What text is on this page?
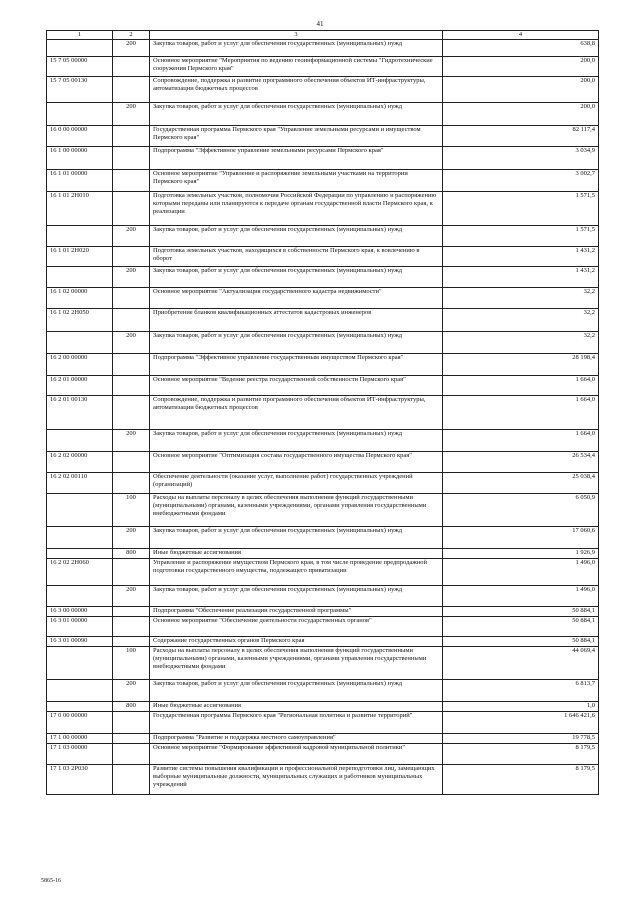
41
1	2	3	4
	200	Закупка товаров, работ и услуг для обеспечения государственных (муниципальных) нужд	638,8
15 7 05 00000		Основное мероприятие "Мероприятия по ведению геоинформационной системы "Гидротехнические сооружения Пермского края"	200,0
15 7 05 00130		Сопровождение, поддержка и развитие программного обеспечения объектов ИТ-инфраструктуры, автоматизации бюджетных процессов	200,0
	200	Закупка товаров, работ и услуг для обеспечения государственных (муниципальных) нужд	200,0
16 0 00 00000		Государственная программа Пермского края "Управление земельными ресурсами и имуществом Пермского края"	82 117,4
16 1 00 00000		Подпрограмма "Эффективное управление земельными ресурсами Пермского края"	3 034,9
16 1 01 00000		Основное мероприятие "Управление и распоряжение земельными участками на территории Пермского края"	3 002,7
16 1 01 2Н010		Подготовка земельных участков, полномочия Российской Федерации по управлению и распоряжению которыми переданы или планируются к передаче органам государственной власти Пермского края, к реализации	1 571,5
	200	Закупка товаров, работ и услуг для обеспечения государственных (муниципальных) нужд	1 571,5
16 1 01 2Н020		Подготовка земельных участков, находящихся в собственности Пермского края, к вовлечению в оборот	1 431,2
	200	Закупка товаров, работ и услуг для обеспечения государственных (муниципальных) нужд	1 431,2
16 1 02 00000		Основное мероприятие "Актуализация государственного кадастра недвижимости"	32,2
16 1 02 2Н050		Приобретение бланков квалификационных аттестатов кадастровых инженеров	32,2
	200	Закупка товаров, работ и услуг для обеспечения государственных (муниципальных) нужд	32,2
16 2 00 00000		Подпрограмма "Эффективное управление государственным имуществом Пермского края"	28 198,4
16 2 01 00000		Основное мероприятие "Ведение реестра государственной собственности Пермского края"	1 664,0
16 2 01 00130		Сопровождение, поддержка и развитие программного обеспечения объектов ИТ-инфраструктуры, автоматизации бюджетных процессов	1 664,0
	200	Закупка товаров, работ и услуг для обеспечения государственных (муниципальных) нужд	1 664,0
16 2 02 00000		Основное мероприятие "Оптимизация состава государственного имущества Пермского края"	26 534,4
16 2 02 00110		Обеспечение деятельности (оказание услуг, выполнение работ) государственных учреждений (организаций)	25 038,4
	100	Расходы на выплаты персоналу в целях обеспечения выполнения функций государственными (муниципальными) органами, казенными учреждениями, органами управления государственными внебюджетными фондами	6 050,9
	200	Закупка товаров, работ и услуг для обеспечения государственных (муниципальных) нужд	17 060,6
	800	Иные бюджетные ассигнования	1 926,9
16 2 02 2Н060		Управление и распоряжение имуществом Пермского края, в том числе проведение предпродажной подготовки государственного имущества, подлежащего приватизации	1 496,0
	200	Закупка товаров, работ и услуг для обеспечения государственных (муниципальных) нужд	1 496,0
16 3 00 00000		Подпрограмма "Обеспечение реализации государственной программы"	50 884,1
16 3 01 00000		Основное мероприятие "Обеспечение деятельности государственных органов"	50 884,1
16 3 01 00090		Содержание государственных органов Пермского края	50 884,1
	100	Расходы на выплаты персоналу в целях обеспечения выполнения функций государственными (муниципальными) органами, казенными учреждениями, органами управления государственными внебюджетными фондами	44 069,4
	200	Закупка товаров, работ и услуг для обеспечения государственных (муниципальных) нужд	6 813,7
	800	Иные бюджетные ассигнования	1,0
17 0 00 00000		Государственная программа Пермского края "Региональная политика и развитие территорий"	1 646 421,6
17 1 00 00000		Подпрограмма "Развитие и поддержка местного самоуправления"	19 778,5
17 1 03 00000		Основное мероприятие "Формирование эффективной кадровой муниципальной политики"	8 179,5
17 1 03 2Р030		Развитие системы повышения квалификации и профессиональной переподготовки лиц, замещающих выборные муниципальные должности, муниципальных служащих и работников муниципальных учреждений	8 179,5
5865-16
